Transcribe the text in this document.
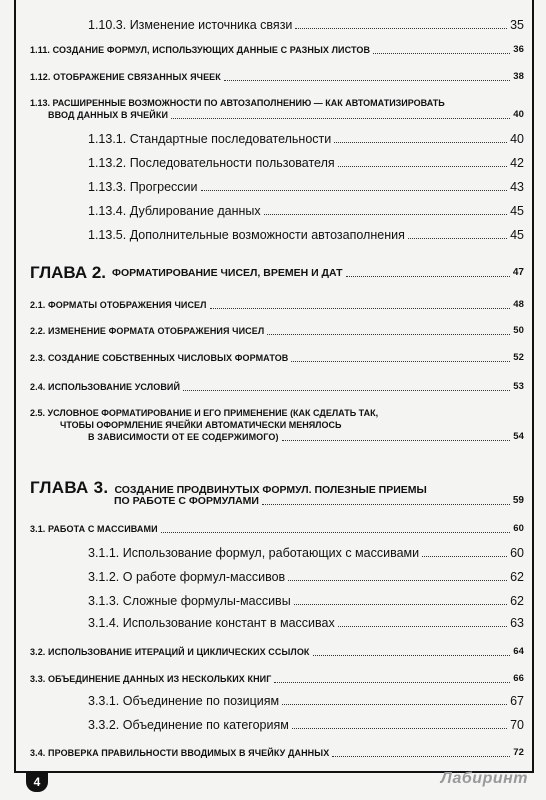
1.10.3. Изменение источника связи	35
1.11. СОЗДАНИЕ ФОРМУЛ, ИСПОЛЬЗУЮЩИХ ДАННЫЕ С РАЗНЫХ ЛИСТОВ	36
1.12. ОТОБРАЖЕНИЕ СВЯЗАННЫХ ЯЧЕЕК	38
1.13. РАСШИРЕННЫЕ ВОЗМОЖНОСТИ ПО АВТОЗАПОЛНЕНИЮ — КАК АВТОМАТИЗИРОВАТЬ
ВВОД ДАННЫХ В ЯЧЕЙКИ	40
1.13.1. Стандартные последовательности	40
1.13.2. Последовательности пользователя	42
1.13.3. Прогрессии	43
1.13.4. Дублирование данных	45
1.13.5. Дополнительные возможности автозаполнения	45
ГЛАВА 2. ФОРМАТИРОВАНИЕ ЧИСЕЛ, ВРЕМЕН И ДАТ	47
2.1. ФОРМАТЫ ОТОБРАЖЕНИЯ ЧИСЕЛ	48
2.2. ИЗМЕНЕНИЕ ФОРМАТА ОТОБРАЖЕНИЯ ЧИСЕЛ	50
2.3. СОЗДАНИЕ СОБСТВЕННЫХ ЧИСЛОВЫХ ФОРМАТОВ	52
2.4. ИСПОЛЬЗОВАНИЕ УСЛОВИЙ	53
2.5. УСЛОВНОЕ ФОРМАТИРОВАНИЕ И ЕГО ПРИМЕНЕНИЕ (КАК СДЕЛАТЬ ТАК,
ЧТОБЫ ОФОРМЛЕНИЕ ЯЧЕЙКИ АВТОМАТИЧЕСКИ МЕНЯЛОСЬ
В ЗАВИСИМОСТИ ОТ ЕЕ СОДЕРЖИМОГО)	54
ГЛАВА 3. СОЗДАНИЕ ПРОДВИНУТЫХ ФОРМУЛ. ПОЛЕЗНЫЕ ПРИЕМЫ
ПО РАБОТЕ С ФОРМУЛАМИ	59
3.1. РАБОТА С МАССИВАМИ	60
3.1.1. Использование формул, работающих с массивами	60
3.1.2. О работе формул-массивов	62
3.1.3. Сложные формулы-массивы	62
3.1.4. Использование констант в массивах	63
3.2. ИСПОЛЬЗОВАНИЕ ИТЕРАЦИЙ И ЦИКЛИЧЕСКИХ ССЫЛОК	64
3.3. ОБЪЕДИНЕНИЕ ДАННЫХ ИЗ НЕСКОЛЬКИХ КНИГ	66
3.3.1. Объединение по позициям	67
3.3.2. Объединение по категориям	70
3.4. ПРОВЕРКА ПРАВИЛЬНОСТИ ВВОДИМЫХ В ЯЧЕЙКУ ДАННЫХ	72
4	Лабиринт
